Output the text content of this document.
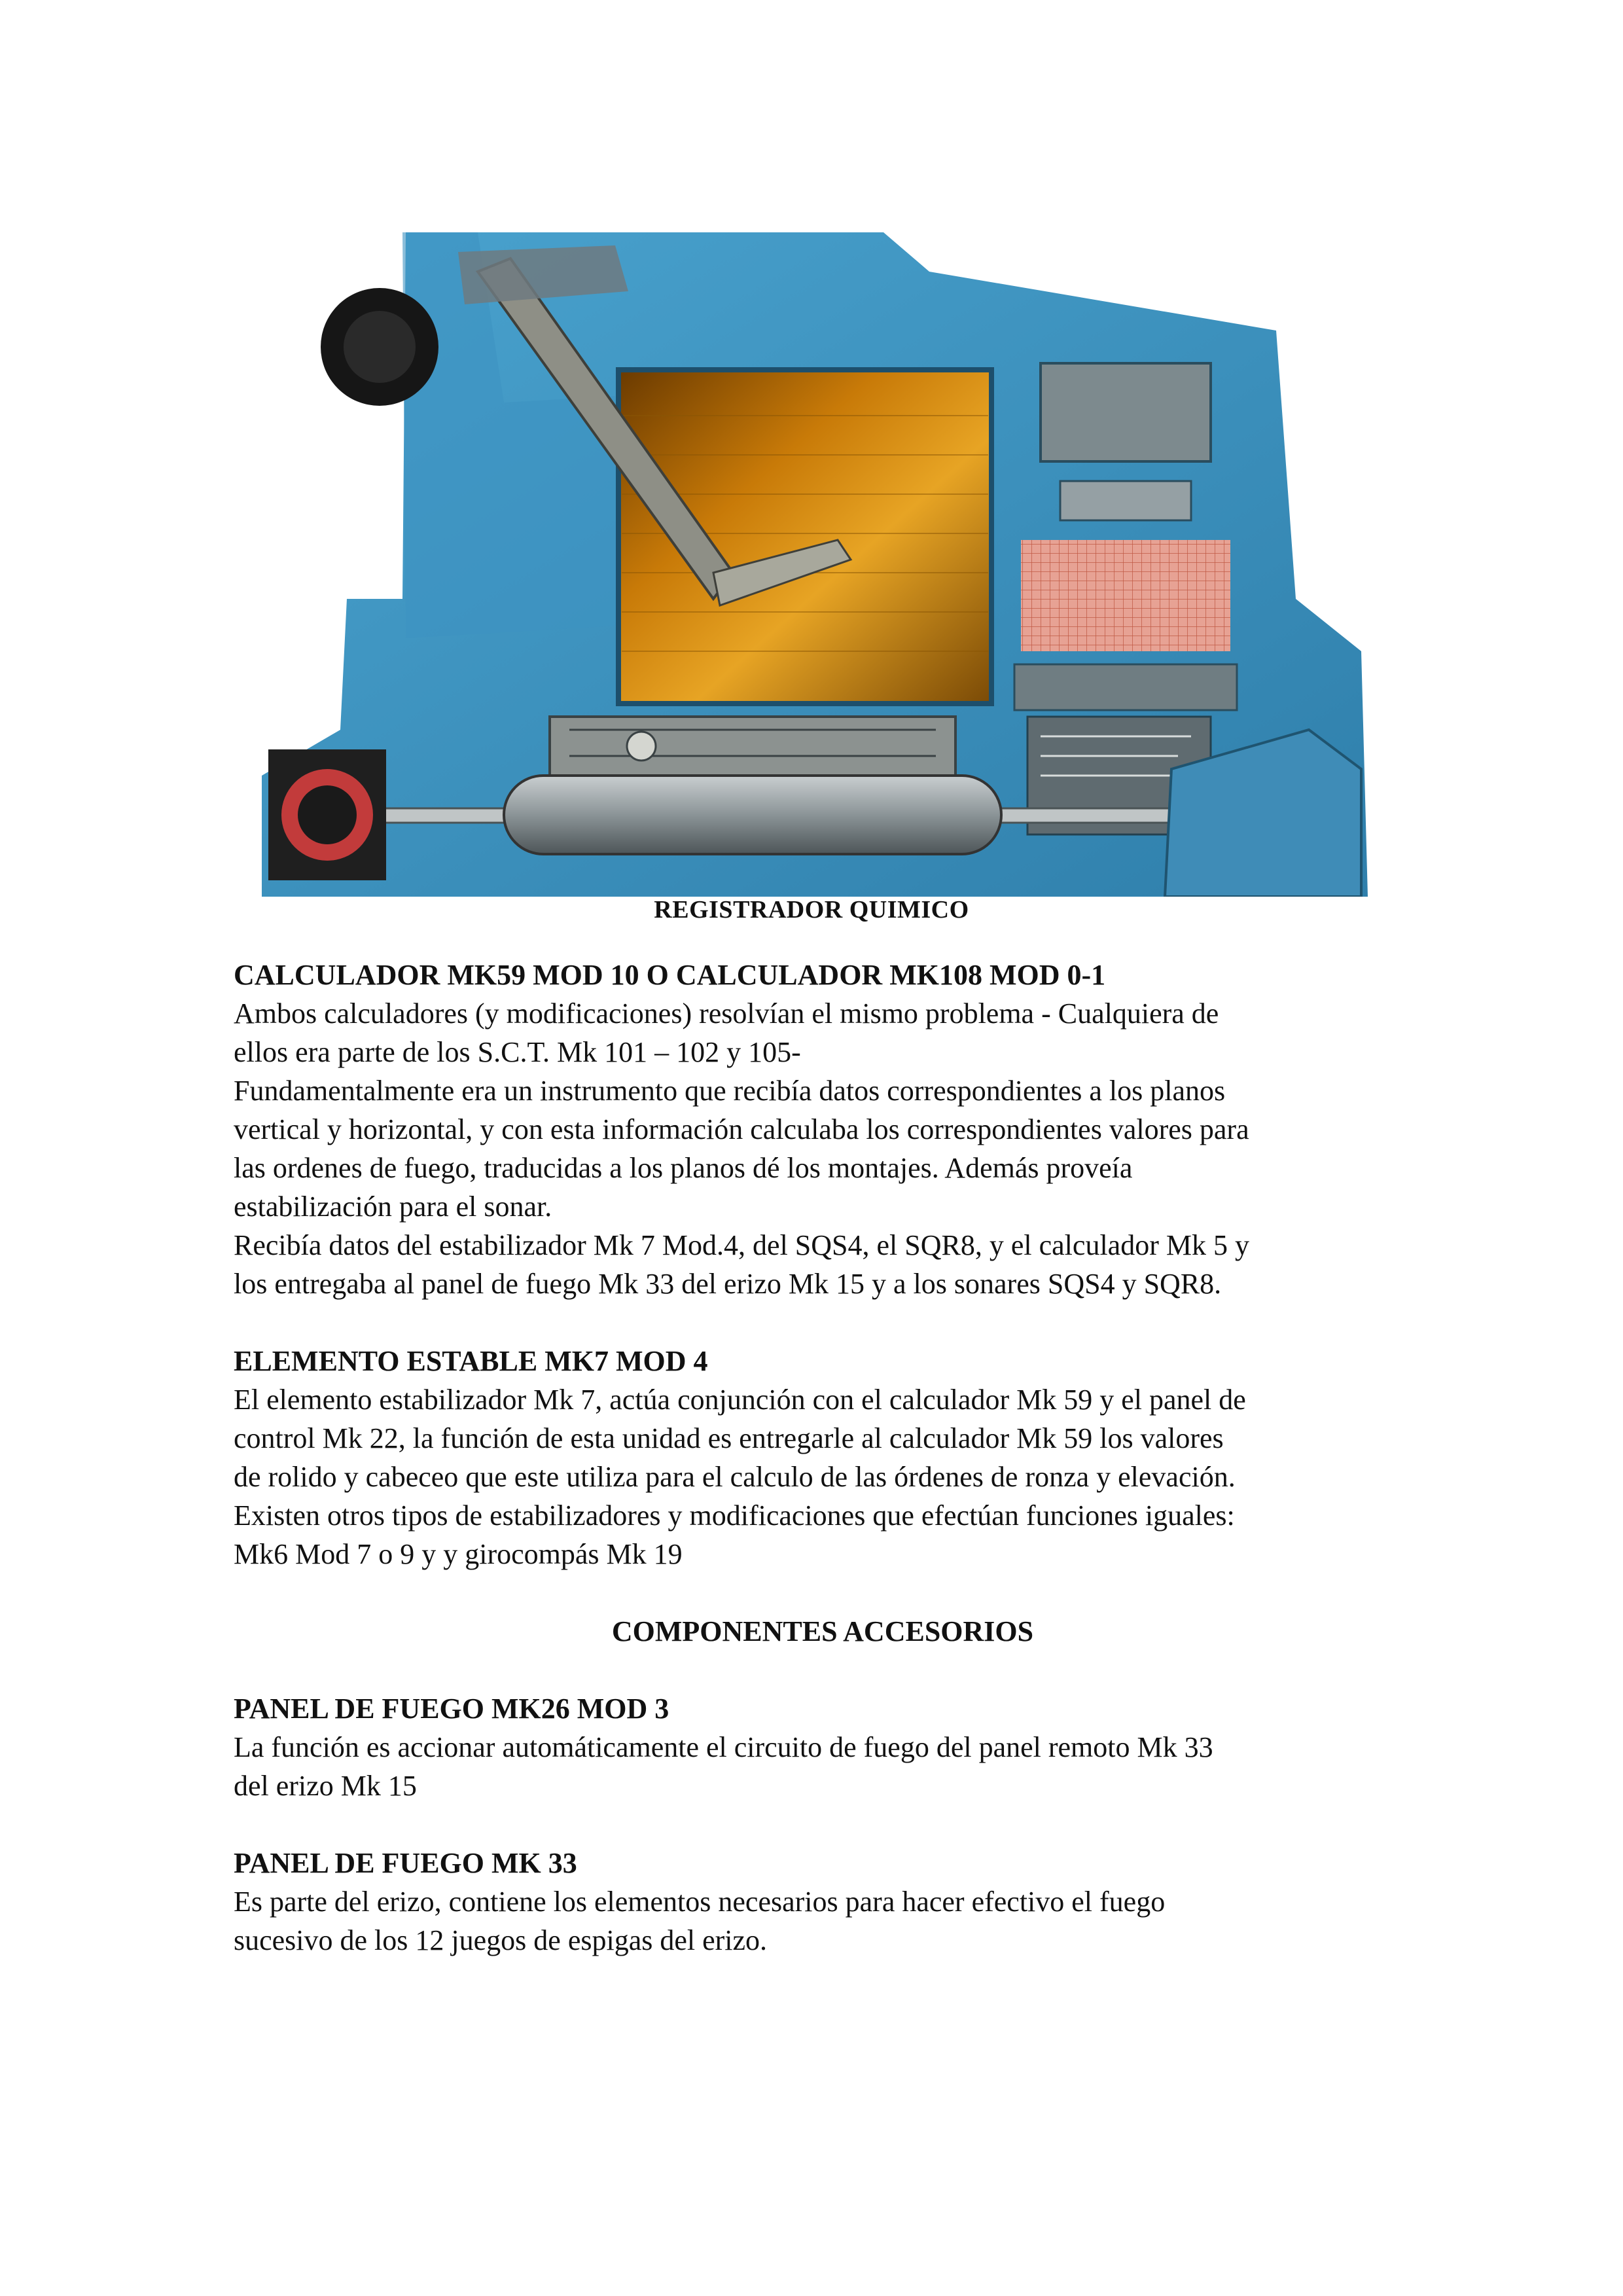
REGISTRADOR QUIMICO

CALCULADOR MK59 MOD 10 O CALCULADOR MK108 MOD 0-1

Ambos calculadores (y modificaciones) resolvían el mismo problema - Cualquiera de

ellos era parte de los S.C.T. Mk 101 – 102 y 105-

Fundamentalmente era un instrumento que recibía datos correspondientes a los planos

vertical y horizontal, y con esta información calculaba los correspondientes valores para

las ordenes de fuego, traducidas a los planos dé los montajes. Además proveía

estabilización para el sonar.

Recibía datos del estabilizador Mk 7 Mod.4, del SQS4, el SQR8, y el calculador Mk 5 y

los entregaba al panel de fuego Mk 33 del erizo Mk 15 y a los sonares SQS4 y SQR8.

ELEMENTO ESTABLE MK7 MOD 4

El elemento estabilizador Mk 7, actúa conjunción con el calculador Mk 59 y el panel de

control Mk 22, la función de esta unidad es entregarle al calculador Mk 59 los valores

de rolido y cabeceo que este utiliza para el calculo de las órdenes de ronza y elevación.

Existen otros tipos de estabilizadores y modificaciones que efectúan funciones iguales:

Mk6 Mod 7 o 9 y y girocompás Mk 19

COMPONENTES ACCESORIOS

PANEL DE FUEGO MK26 MOD 3

La función es accionar automáticamente el circuito de fuego del panel remoto Mk 33

del erizo Mk 15

PANEL DE FUEGO MK 33

Es parte del erizo, contiene los elementos necesarios para hacer efectivo el fuego

sucesivo de los 12 juegos de espigas del erizo.
